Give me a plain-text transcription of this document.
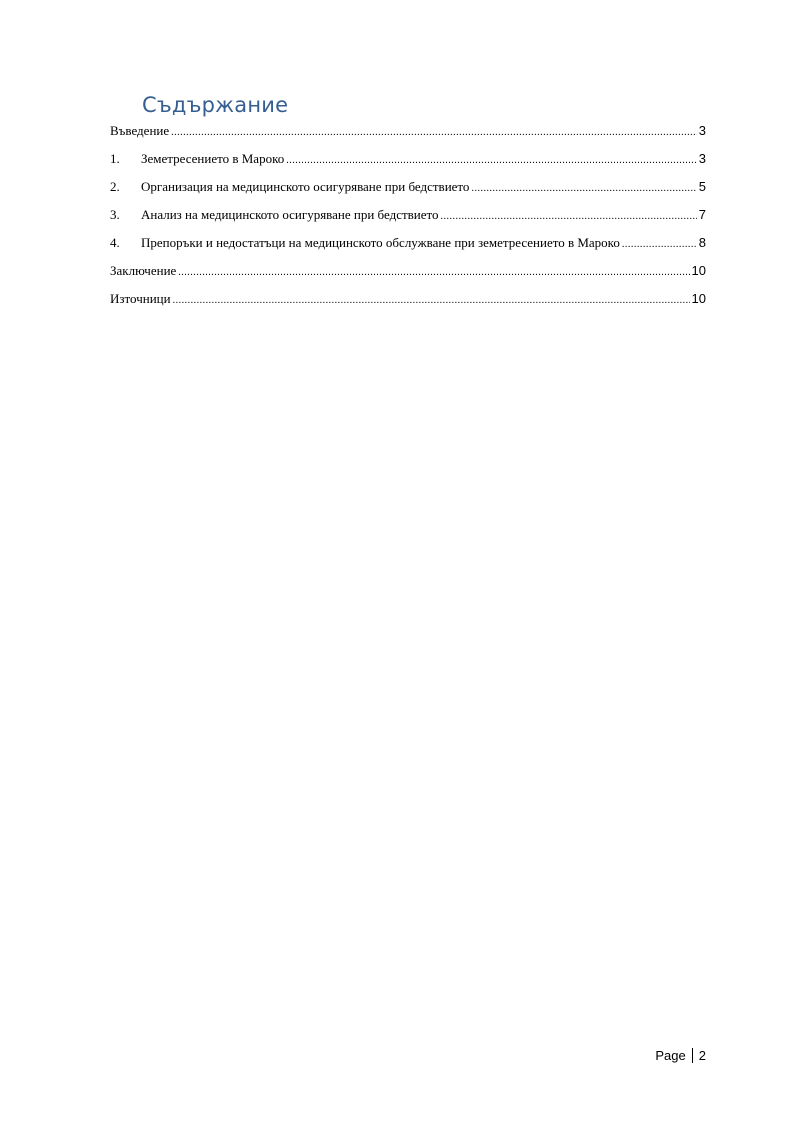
Съдържание
Въведение .....	3
1.	Земетресението в Мароко .....	3
2.	Организация на медицинското осигуряване при бедствието .....	5
3.	Анализ на медицинското осигуряване при бедствието .....	7
4.	Препоръки и недостатъци на медицинското обслужване при земетресението в Мароко .....	8
Заключение .....	10
Източници .....	10
Page 2
